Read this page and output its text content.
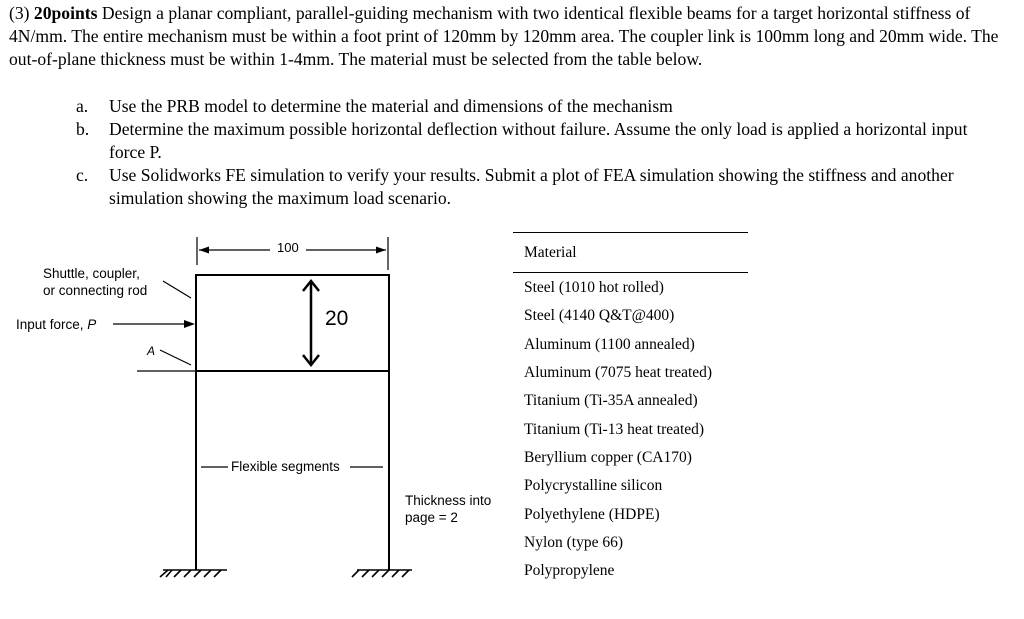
(3) 20points Design a planar compliant, parallel-guiding mechanism with two identical flexible beams for a target horizontal stiffness of 4N/mm. The entire mechanism must be within a foot print of 120mm by 120mm area. The coupler link is 100mm long and 20mm wide. The out-of-plane thickness must be within 1-4mm. The material must be selected from the table below.

a. Use the PRB model to determine the material and dimensions of the mechanism
b. Determine the maximum possible horizontal deflection without failure. Assume the only load is applied a horizontal input force P.
c. Use Solidworks FE simulation to verify your results. Submit a plot of FEA simulation showing the stiffness and another simulation showing the maximum load scenario.
100
20
Shuttle, coupler,
or connecting rod
Input force, P
A
Flexible segments
Thickness into
page = 2
Material
Steel (1010 hot rolled)
Steel (4140 Q&T@400)
Aluminum (1100 annealed)
Aluminum (7075 heat treated)
Titanium (Ti-35A annealed)
Titanium (Ti-13 heat treated)
Beryllium copper (CA170)
Polycrystalline silicon
Polyethylene (HDPE)
Nylon (type 66)
Polypropylene
